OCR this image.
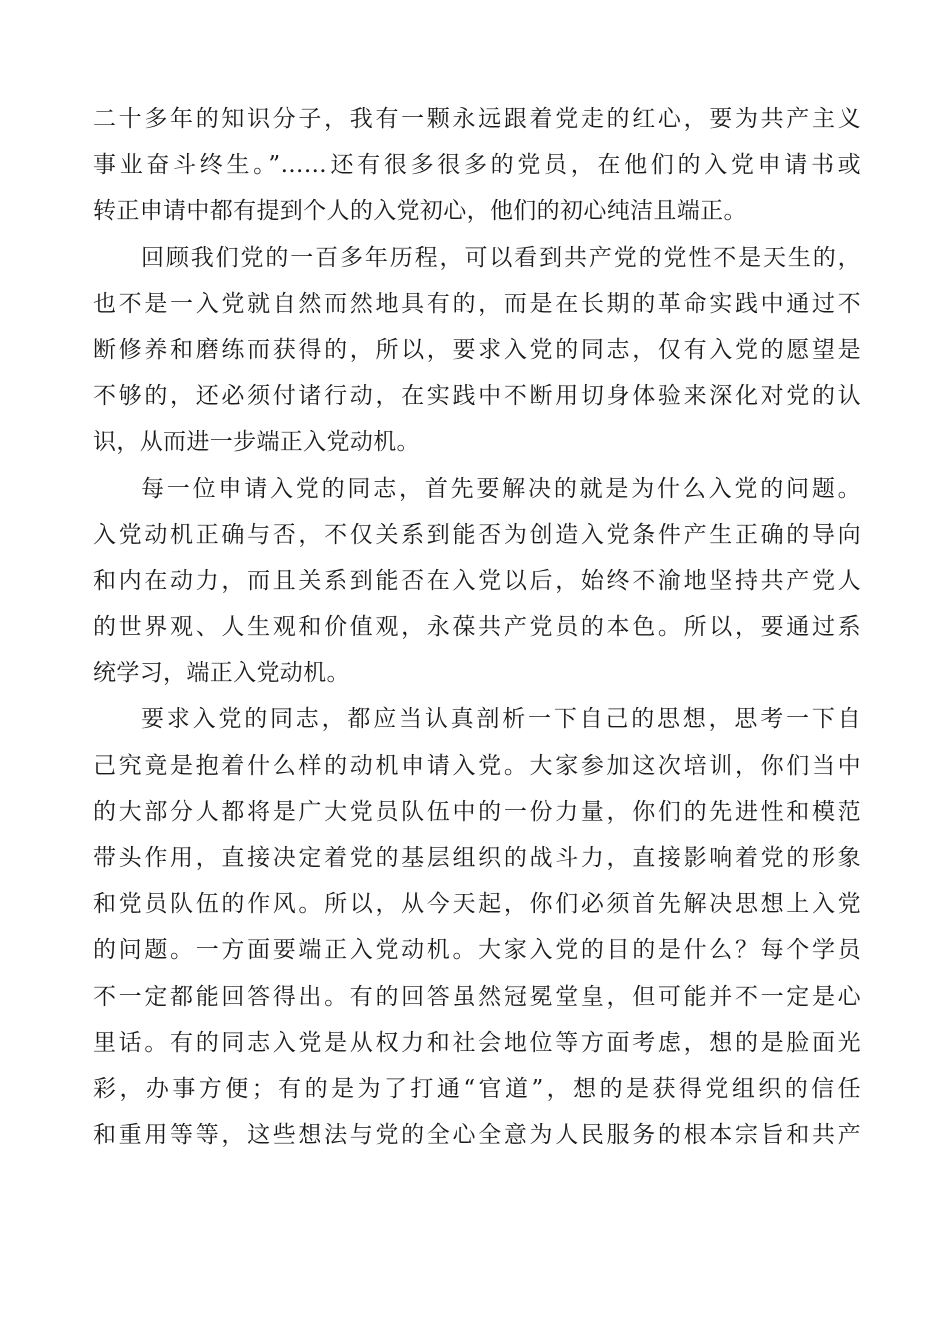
二十多年的知识分子，我有一颗永远跟着党走的红心，要为共产主义
事业奋斗终生。”……还有很多很多的党员，在他们的入党申请书或
转正申请中都有提到个人的入党初心，他们的初心纯洁且端正。
回顾我们党的一百多年历程，可以看到共产党的党性不是天生的，
也不是一入党就自然而然地具有的，而是在长期的革命实践中通过不
断修养和磨练而获得的，所以，要求入党的同志，仅有入党的愿望是
不够的，还必须付诸行动，在实践中不断用切身体验来深化对党的认
识，从而进一步端正入党动机。
每一位申请入党的同志，首先要解决的就是为什么入党的问题。
入党动机正确与否，不仅关系到能否为创造入党条件产生正确的导向
和内在动力，而且关系到能否在入党以后，始终不渝地坚持共产党人
的世界观、人生观和价值观，永葆共产党员的本色。所以，要通过系
统学习，端正入党动机。
要求入党的同志，都应当认真剖析一下自己的思想，思考一下自
己究竟是抱着什么样的动机申请入党。大家参加这次培训，你们当中
的大部分人都将是广大党员队伍中的一份力量，你们的先进性和模范
带头作用，直接决定着党的基层组织的战斗力，直接影响着党的形象
和党员队伍的作风。所以，从今天起，你们必须首先解决思想上入党
的问题。一方面要端正入党动机。大家入党的目的是什么？每个学员
不一定都能回答得出。有的回答虽然冠冕堂皇，但可能并不一定是心
里话。有的同志入党是从权力和社会地位等方面考虑，想的是脸面光
彩，办事方便；有的是为了打通“官道”，想的是获得党组织的信任
和重用等等，这些想法与党的全心全意为人民服务的根本宗旨和共产
